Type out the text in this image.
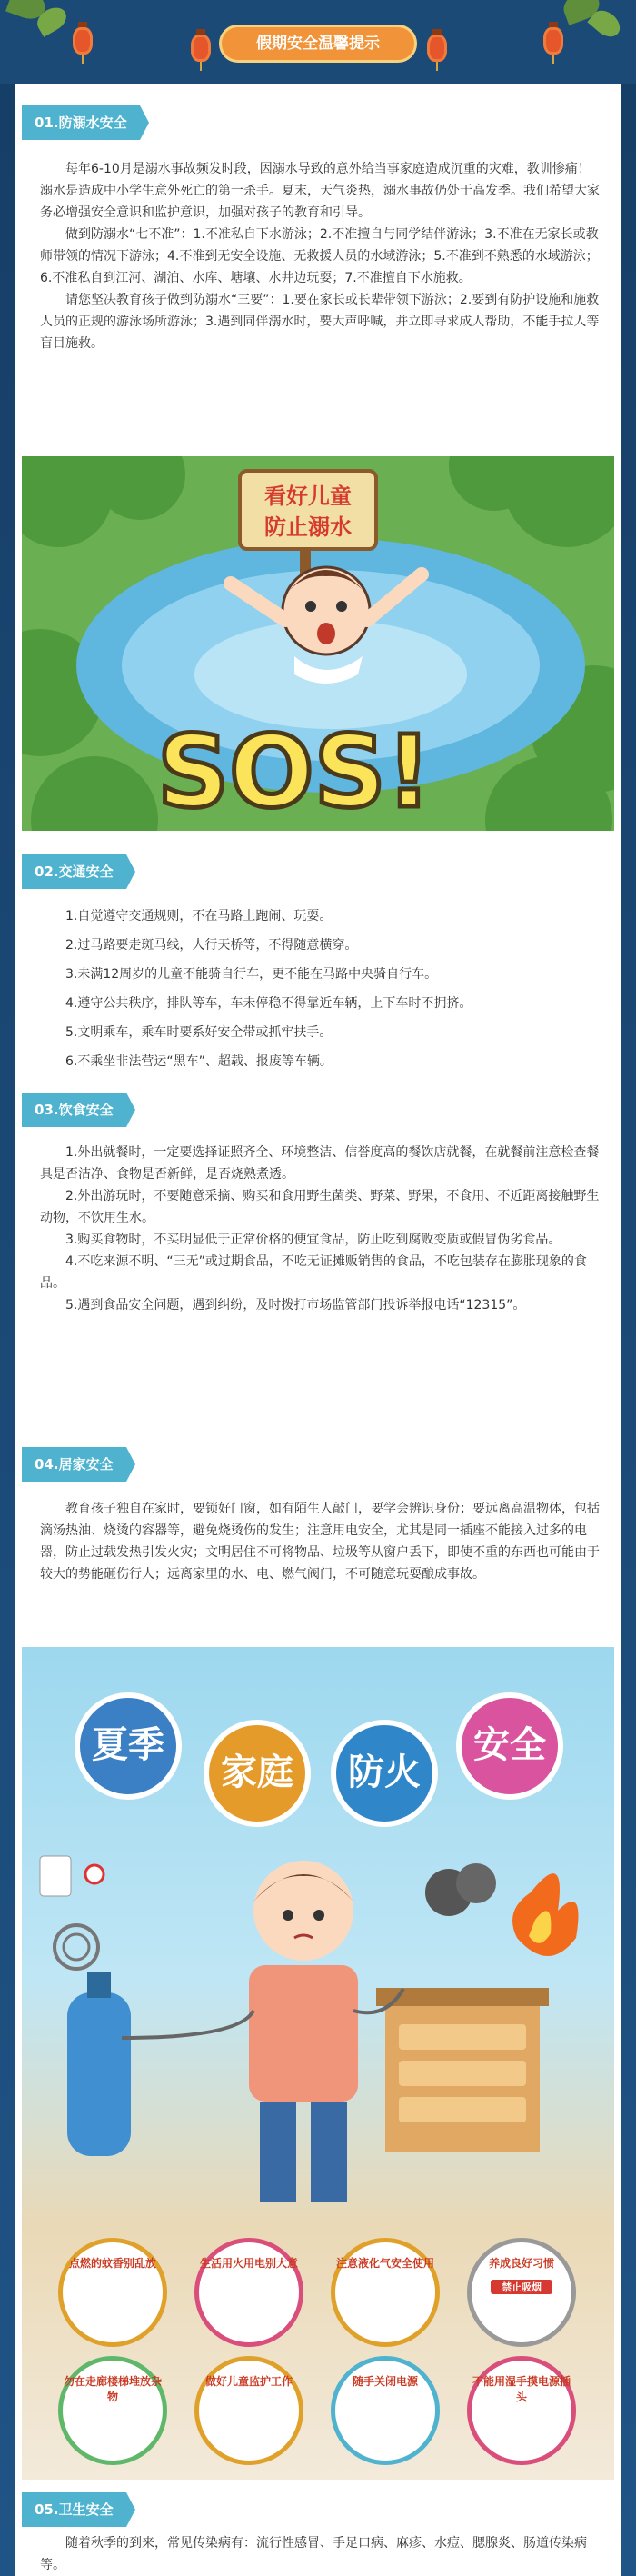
假期安全温馨提示
01.防溺水安全

每年6-10月是溺水事故频发时段，因溺水导致的意外给当事家庭造成沉重的灾难，教训惨痛！溺水是造成中小学生意外死亡的第一杀手。夏末，天气炎热，溺水事故仍处于高发季。我们希望大家务必增强安全意识和监护意识，加强对孩子的教育和引导。

做到防溺水“七不准”：1.不准私自下水游泳；2.不准擅自与同学结伴游泳；3.不准在无家长或教师带领的情况下游泳；4.不准到无安全设施、无救援人员的水域游泳；5.不准到不熟悉的水域游泳；6.不准私自到江河、湖泊、水库、塘壤、水井边玩耍；7.不准擅自下水施救。

请您坚决教育孩子做到防溺水“三要”：1.要在家长或长辈带领下游泳；2.要到有防护设施和施救人员的正规的游泳场所游泳；3.遇到同伴溺水时，要大声呼喊，并立即寻求成人帮助，不能手拉人等盲目施救。

看好儿童
防止溺水
SOS!
02.交通安全

1.自觉遵守交通规则，不在马路上跑闹、玩耍。

2.过马路要走斑马线，人行天桥等，不得随意横穿。

3.未满12周岁的儿童不能骑自行车，更不能在马路中央骑自行车。

4.遵守公共秩序，排队等车，车未停稳不得靠近车辆，上下车时不拥挤。

5.文明乘车，乘车时要系好安全带或抓牢扶手。

6.不乘坐非法营运“黑车”、超载、报废等车辆。

03.饮食安全

1.外出就餐时，一定要选择证照齐全、环境整洁、信誉度高的餐饮店就餐，在就餐前注意检查餐具是否洁净、食物是否新鲜，是否烧熟煮透。

2.外出游玩时，不要随意采摘、购买和食用野生菌类、野菜、野果，不食用、不近距离接触野生动物，不饮用生水。

3.购买食物时，不买明显低于正常价格的便宜食品，防止吃到腐败变质或假冒伪劣食品。

4.不吃来源不明、“三无”或过期食品，不吃无证摊贩销售的食品，不吃包装存在膨胀现象的食品。

5.遇到食品安全问题，遇到纠纷，及时拨打市场监管部门投诉举报电话“12315”。

04.居家安全

教育孩子独自在家时，要锁好门窗，如有陌生人敲门，要学会辨识身份；要远离高温物体，包括滴汤热油、烧烫的容器等，避免烧烫伤的发生；注意用电安全，尤其是同一插座不能接入过多的电器，防止过载发热引发火灾；文明居住不可将物品、垃圾等从窗户丢下，即使不重的东西也可能由于较大的势能砸伤行人；远离家里的水、电、燃气阀门，不可随意玩耍酿成事故。

夏季
家庭	防火
安全
点燃的蚊香别乱放	生活用火用电别大意	注意液化气安全使用	养成良好习惯
禁止吸烟
勿在走廊楼梯堆放杂物
做好儿童监护工作	随手关闭电源	不能用湿手摸电源插头
05.卫生安全

随着秋季的到来，常见传染病有：流行性感冒、手足口病、麻疹、水痘、腮腺炎、肠道传染病等。
